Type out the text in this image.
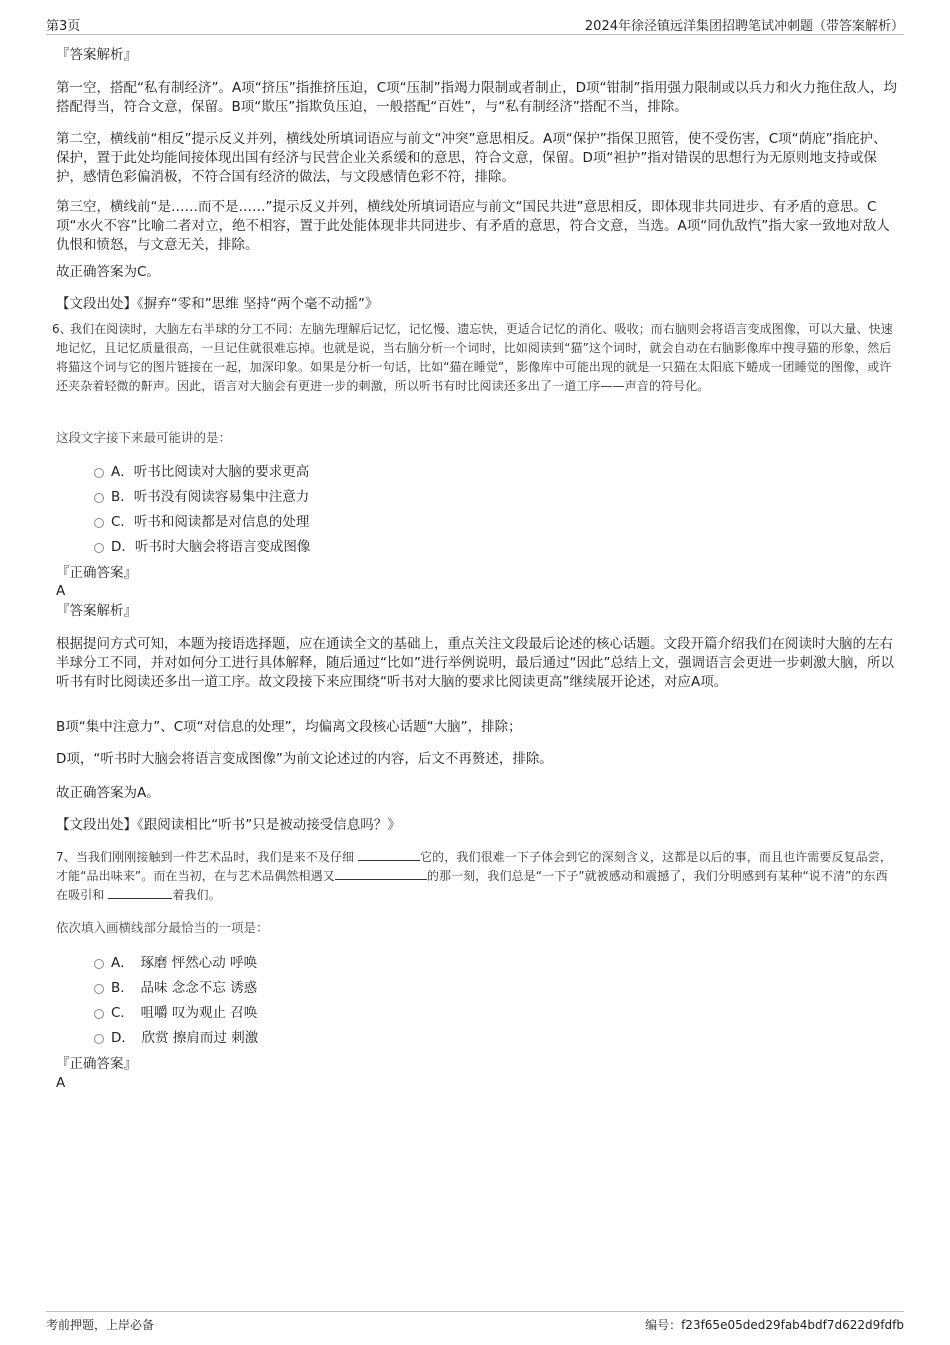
第3页	2024年徐泾镇远洋集团招聘笔试冲刺题（带答案解析）
『答案解析』
第一空，搭配“私有制经济”。A项“挤压”指推挤压迫，C项“压制”指竭力限制或者制止，D项“钳制”指用强力限制或以兵力和火力拖住敌人，均搭配得当，符合文意，保留。B项“欺压”指欺负压迫，一般搭配“百姓”，与“私有制经济”搭配不当，排除。
第二空，横线前“相反”提示反义并列，横线处所填词语应与前文“冲突”意思相反。A项“保护”指保卫照管，使不受伤害，C项“荫庇”指庇护、保护，置于此处均能间接体现出国有经济与民营企业关系缓和的意思，符合文意，保留。D项“袒护”指对错误的思想行为无原则地支持或保护，感情色彩偏消极，不符合国有经济的做法，与文段感情色彩不符，排除。
第三空，横线前“是……而不是……”提示反义并列，横线处所填词语应与前文“国民共进”意思相反，即体现非共同进步、有矛盾的意思。C项“水火不容”比喻二者对立，绝不相容，置于此处能体现非共同进步、有矛盾的意思，符合文意，当选。A项“同仇敌忾”指大家一致地对敌人仇恨和愤怒，与文意无关，排除。
故正确答案为C。
【文段出处】《摒弃“零和”思维 坚持“两个毫不动摇”》
6、
我们在阅读时，大脑左右半球的分工不同：左脑先理解后记忆，记忆慢、遗忘快，更适合记忆的消化、吸收；而右脑则会将语言变成图像，可以大量、快速地记忆，且记忆质量很高，一旦记住就很难忘掉。也就是说，当右脑分析一个词时，比如阅读到“猫”这个词时，就会自动在右脑影像库中搜寻猫的形象，然后将猫这个词与它的图片链接在一起，加深印象。如果是分析一句话，比如“猫在睡觉”，影像库中可能出现的就是一只猫在太阳底下蜷成一团睡觉的图像，或许还夹杂着轻微的鼾声。因此，语言对大脑会有更进一步的刺激，所以听书有时比阅读还多出了一道工序——声音的符号化。
这段文字接下来最可能讲的是：
A．听书比阅读对大脑的要求更高
B．听书没有阅读容易集中注意力
C．听书和阅读都是对信息的处理
D．听书时大脑会将语言变成图像
『正确答案』
A
『答案解析』
根据提问方式可知，本题为接语选择题，应在通读全文的基础上，重点关注文段最后论述的核心话题。文段开篇介绍我们在阅读时大脑的左右半球分工不同，并对如何分工进行具体解释，随后通过“比如”进行举例说明，最后通过“因此”总结上文，强调语言会更进一步刺激大脑，所以听书有时比阅读还多出一道工序。故文段接下来应围绕“听书对大脑的要求比阅读更高”继续展开论述，对应A项。
B项“集中注意力”、C项“对信息的处理”，均偏离文段核心话题“大脑”，排除；
D项，“听书时大脑会将语言变成图像”为前文论述过的内容，后文不再赘述，排除。
故正确答案为A。
【文段出处】《跟阅读相比“听书”只是被动接受信息吗？》
7、当我们刚刚接触到一件艺术品时，我们是来不及仔细	它的，我们很难一下子体会到它的深刻含义，这都是以后的事，而且也许需要反复品尝，才能“品出味来”。而在当初，在与艺术品偶然相遇又	的那一刻，我们总是“一下子”就被感动和震撼了，我们分明感到有某种“说不清”的东西在吸引和	着我们。
依次填入画横线部分最恰当的一项是：
A．　琢磨 怦然心动 呼唤
B．　品味 念念不忘 诱惑
C．　咀嚼 叹为观止 召唤
D．　欣赏 擦肩而过 刺激
『正确答案』
A
考前押题，上岸必备	编号：f23f65e05ded29fab4bdf7d622d9fdfb
